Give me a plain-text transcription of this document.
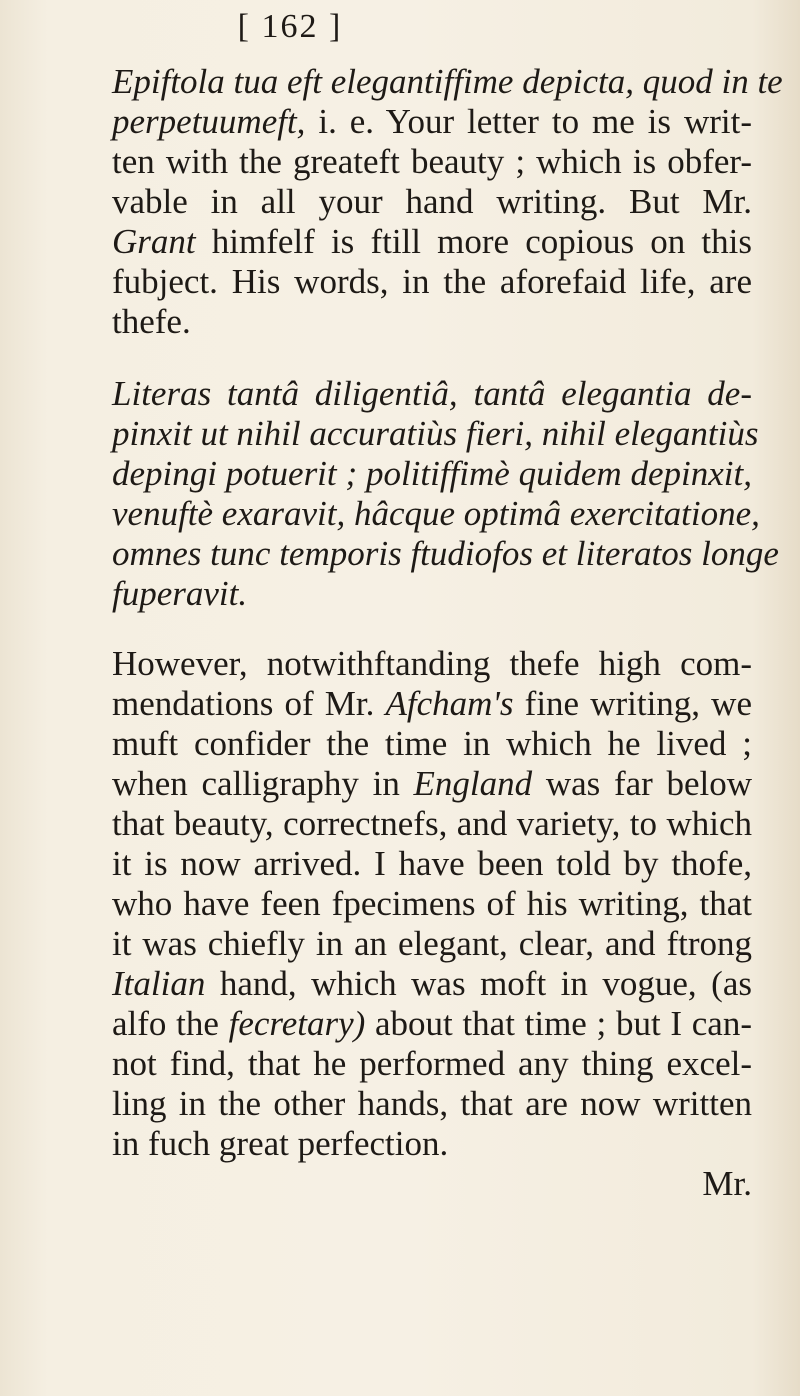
[ 162 ]
Epiftola tua eft elegantiffime depicta, quod in te
perpetuumeft, i. e. Your letter to me is writ-
ten with the greateft beauty ; which is obfer-
vable in all your hand writing. But Mr.
Grant himfelf is ftill more copious on this
fubject. His words, in the aforefaid life, are
thefe.
Literas tantâ diligentiâ, tantâ elegantia de-
pinxit ut nihil accuratiùs fieri, nihil elegantiùs
depingi potuerit ; politiffimè quidem depinxit,
venuftè exaravit, hâcque optimâ exercitatione,
omnes tunc temporis ftudiofos et literatos longe
fuperavit.
However, notwithftanding thefe high com-
mendations of Mr. Afcham's fine writing, we
muft confider the time in which he lived ;
when calligraphy in England was far below
that beauty, correctnefs, and variety, to which
it is now arrived. I have been told by thofe,
who have feen fpecimens of his writing, that
it was chiefly in an elegant, clear, and ftrong
Italian hand, which was moft in vogue, (as
alfo the fecretary) about that time ; but I can-
not find, that he performed any thing excel-
ling in the other hands, that are now written
in fuch great perfection.
Mr.
